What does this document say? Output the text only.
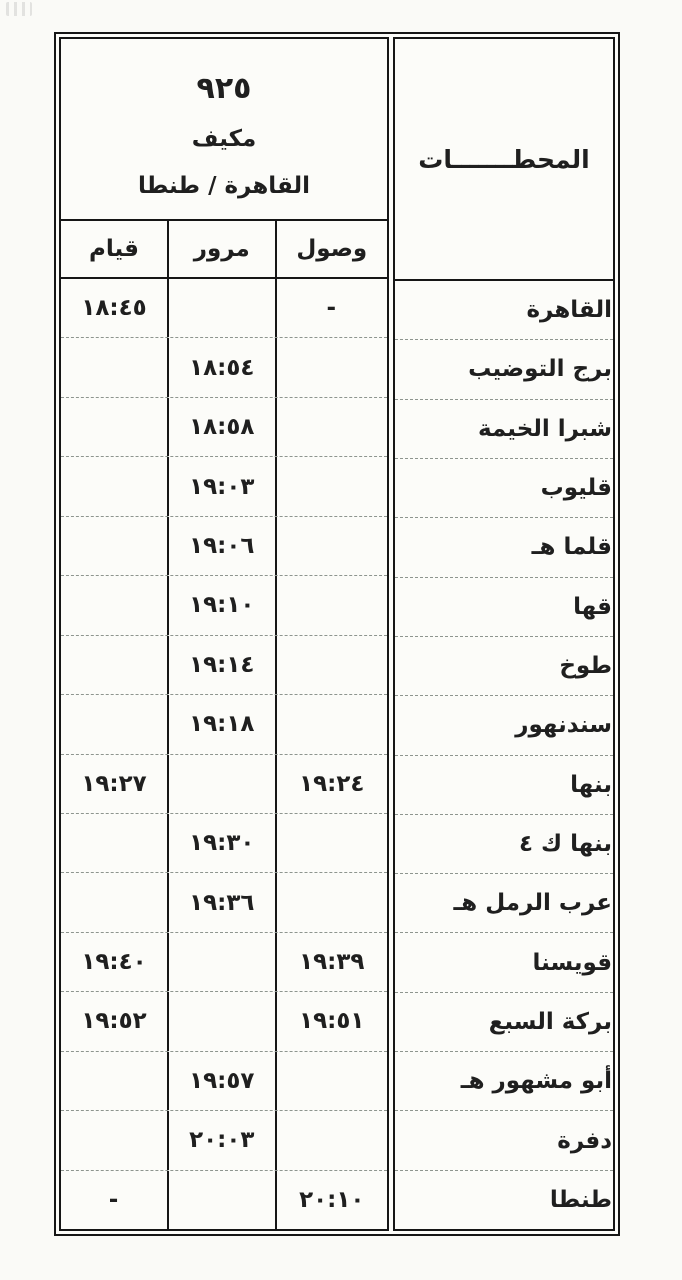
المحطـــــــات
القاهرة
برج التوضيب
شبرا الخيمة
قليوب
قلما هـ
قها
طوخ
سندنهور
بنها
بنها ك ٤
عرب الرمل هـ
قويسنا
بركة السبع
أبو مشهور هـ
دفرة
طنطا
٩٢٥
مكيف
القاهرة / طنطا
وصول
مرور
قيام
-
١٨:٤٥
١٨:٥٤
١٨:٥٨
١٩:٠٣
١٩:٠٦
١٩:١٠
١٩:١٤
١٩:١٨
١٩:٢٤
١٩:٢٧
١٩:٣٠
١٩:٣٦
١٩:٣٩
١٩:٤٠
١٩:٥١
١٩:٥٢
١٩:٥٧
٢٠:٠٣
٢٠:١٠
-
